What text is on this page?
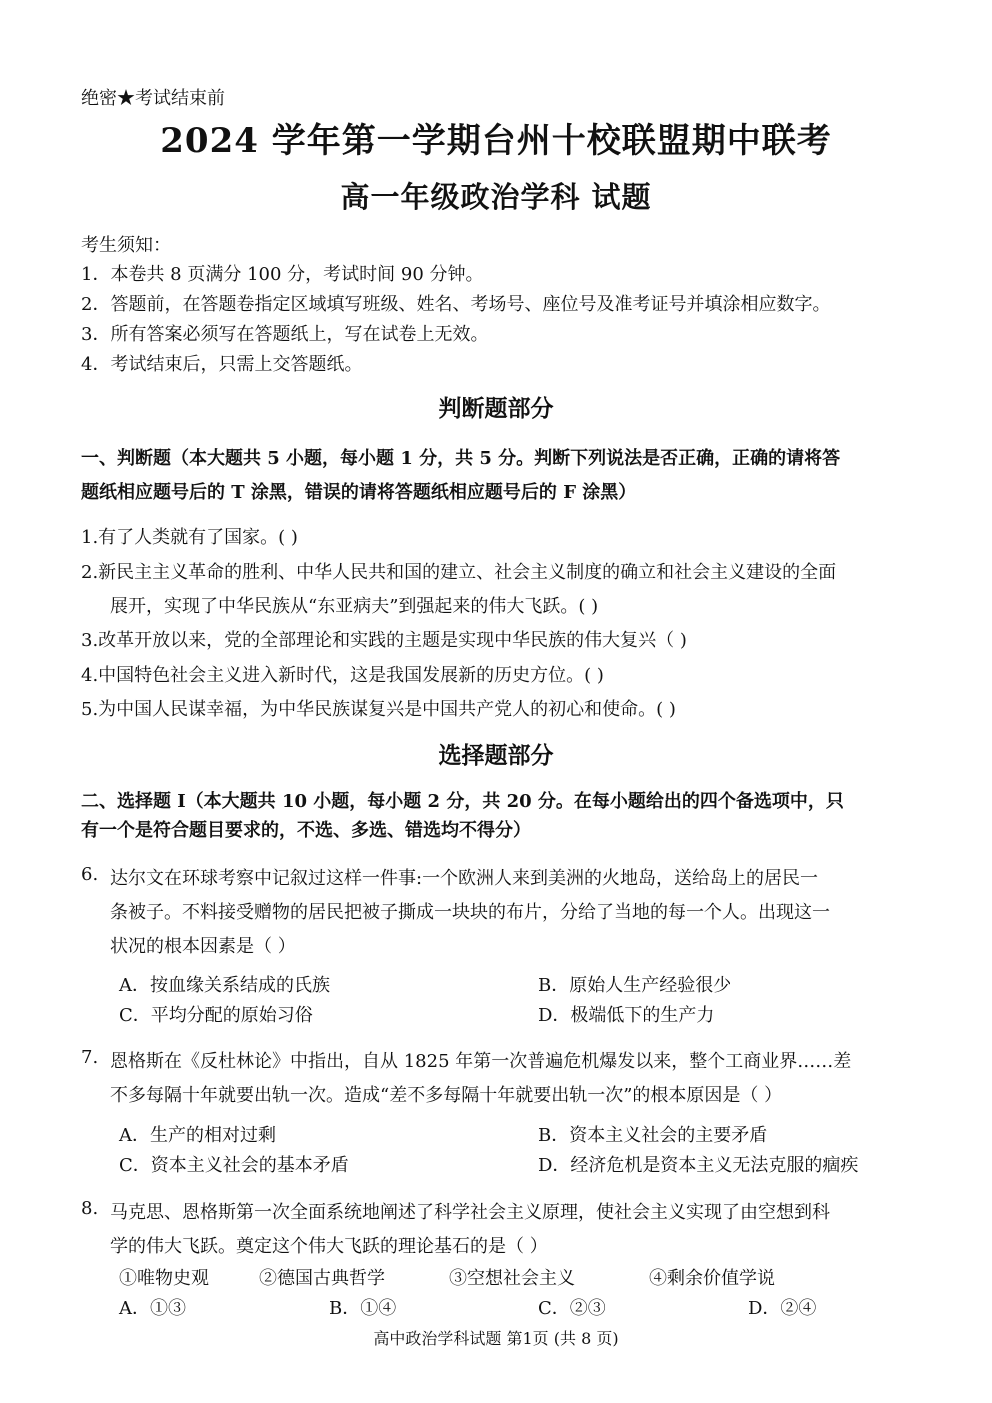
绝密★考试结束前
2024 学年第一学期台州十校联盟期中联考
高一年级政治学科 试题
考生须知：
1．本卷共 8 页满分 100 分，考试时间 90 分钟。
2．答题前，在答题卷指定区域填写班级、姓名、考场号、座位号及准考证号并填涂相应数字。
3．所有答案必须写在答题纸上，写在试卷上无效。
4．考试结束后，只需上交答题纸。
判断题部分
一、判断题（本大题共 5 小题，每小题 1 分，共 5 分。判断下列说法是否正确，正确的请将答
题纸相应题号后的 T 涂黑，错误的请将答题纸相应题号后的 F 涂黑）
1.有了人类就有了国家。( )
2.新民主主义革命的胜利、中华人民共和国的建立、社会主义制度的确立和社会主义建设的全面
展开，实现了中华民族从“东亚病夫”到强起来的伟大飞跃。( )
3.改革开放以来，党的全部理论和实践的主题是实现中华民族的伟大复兴（ )
4.中国特色社会主义进入新时代，这是我国发展新的历史方位。( )
5.为中国人民谋幸福，为中华民族谋复兴是中国共产党人的初心和使命。( )
选择题部分
二、选择题 I（本大题共 10 小题，每小题 2 分，共 20 分。在每小题给出的四个备选项中，只
有一个是符合题目要求的，不选、多选、错选均不得分）
6. 达尔文在环球考察中记叙过这样一件事:一个欧洲人来到美洲的火地岛，送给岛上的居民一
条被子。不料接受赠物的居民把被子撕成一块块的布片，分给了当地的每一个人。出现这一
状况的根本因素是（ ）
A．按血缘关系结成的氏族	B．原始人生产经验很少
C．平均分配的原始习俗	D．极端低下的生产力
7. 恩格斯在《反杜林论》中指出，自从 1825 年第一次普遍危机爆发以来，整个工商业界……差
不多每隔十年就要出轨一次。造成“差不多每隔十年就要出轨一次”的根本原因是（ ）
A．生产的相对过剩	B．资本主义社会的主要矛盾
C．资本主义社会的基本矛盾	D．经济危机是资本主义无法克服的痼疾
8. 马克思、恩格斯第一次全面系统地阐述了科学社会主义原理，使社会主义实现了由空想到科
学的伟大飞跃。奠定这个伟大飞跃的理论基石的是（ ）
①唯物史观	②德国古典哲学	③空想社会主义	④剩余价值学说
A．①③	B．①④	C．②③	D．②④
高中政治学科试题 第1页 (共 8 页)
